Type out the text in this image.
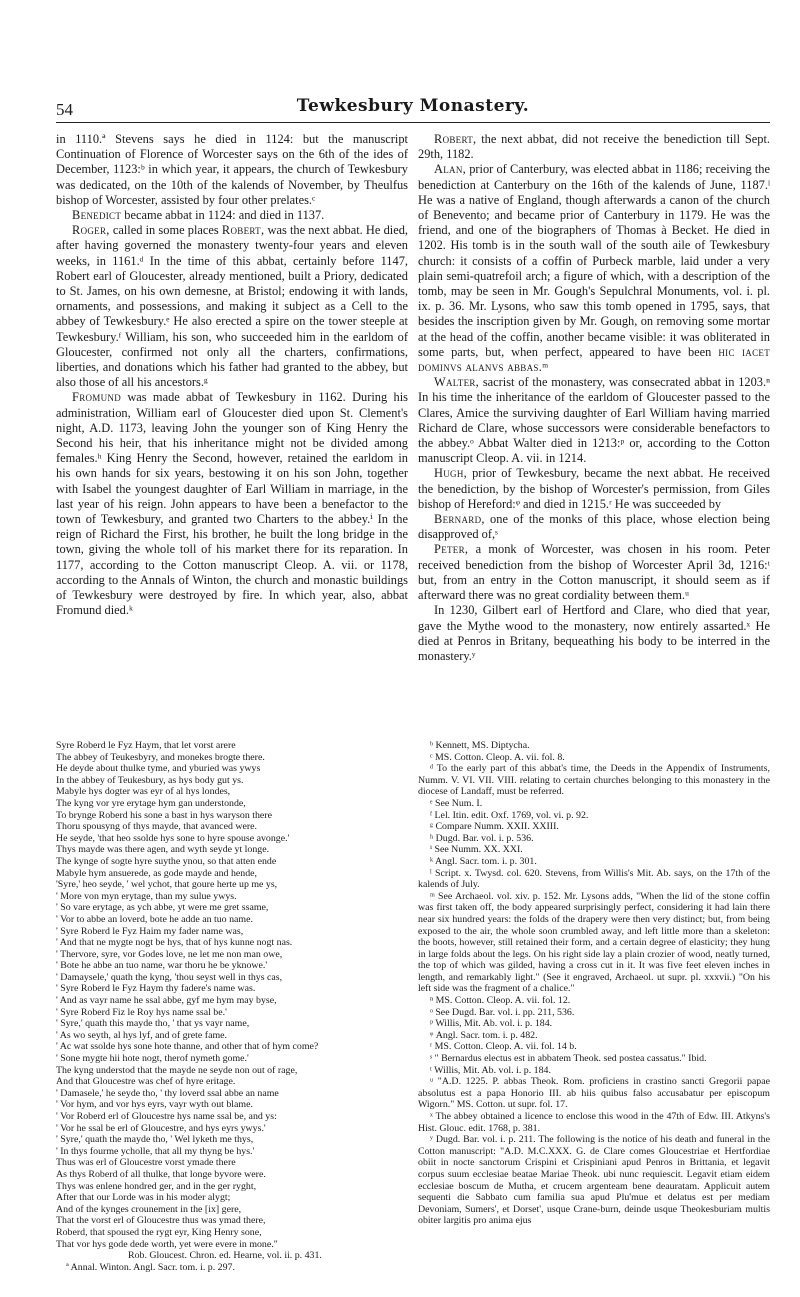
54	Tewkesbury Monastery.

in 1110.ª Stevens says he died in 1124: but the manuscript Continuation of Florence of Worcester says on the 6th of the ides of December, 1123:ᵇ in which year, it appears, the church of Tewkesbury was dedicated, on the 10th of the kalends of November, by Theulfus bishop of Worcester, assisted by four other prelates.ᶜ

Benedict became abbat in 1124: and died in 1137.

Roger, called in some places Robert, was the next abbat. He died, after having governed the monastery twenty-four years and eleven weeks, in 1161.ᵈ In the time of this abbat, certainly before 1147, Robert earl of Gloucester, already mentioned, built a Priory, dedicated to St. James, on his own demesne, at Bristol; endowing it with lands, ornaments, and possessions, and making it subject as a Cell to the abbey of Tewkesbury.ᵉ He also erected a spire on the tower steeple at Tewkesbury.ᶠ William, his son, who succeeded him in the earldom of Gloucester, confirmed not only all the charters, confirmations, liberties, and donations which his father had granted to the abbey, but also those of all his ancestors.ᵍ

Fromund was made abbat of Tewkesbury in 1162. During his administration, William earl of Gloucester died upon St. Clement's night, A.D. 1173, leaving John the younger son of King Henry the Second his heir, that his inheritance might not be divided among females.ʰ King Henry the Second, however, retained the earldom in his own hands for six years, bestowing it on his son John, together with Isabel the youngest daughter of Earl William in marriage, in the last year of his reign. John appears to have been a benefactor to the town of Tewkesbury, and granted two Charters to the abbey.ⁱ In the reign of Richard the First, his brother, he built the long bridge in the town, giving the whole toll of his market there for its reparation. In 1177, according to the Cotton manuscript Cleop. A. vii. or 1178, according to the Annals of Winton, the church and monastic buildings of Tewkesbury were destroyed by fire. In which year, also, abbat Fromund died.ᵏ

Robert, the next abbat, did not receive the benediction till Sept. 29th, 1182.

Alan, prior of Canterbury, was elected abbat in 1186; receiving the benediction at Canterbury on the 16th of the kalends of June, 1187.ˡ He was a native of England, though afterwards a canon of the church of Benevento; and became prior of Canterbury in 1179. He was the friend, and one of the biographers of Thomas à Becket. He died in 1202. His tomb is in the south wall of the south aile of Tewkesbury church: it consists of a coffin of Purbeck marble, laid under a very plain semi-quatrefoil arch; a figure of which, with a description of the tomb, may be seen in Mr. Gough's Sepulchral Monuments, vol. i. pl. ix. p. 36. Mr. Lysons, who saw this tomb opened in 1795, says, that besides the inscription given by Mr. Gough, on removing some mortar at the head of the coffin, another became visible: it was obliterated in some parts, but, when perfect, appeared to have been hic iacet dominvs alanvs abbas.ᵐ

Walter, sacrist of the monastery, was consecrated abbat in 1203.ⁿ In his time the inheritance of the earldom of Gloucester passed to the Clares, Amice the surviving daughter of Earl William having married Richard de Clare, whose successors were considerable benefactors to the abbey.ᵒ Abbat Walter died in 1213:ᵖ or, according to the Cotton manuscript Cleop. A. vii. in 1214.

Hugh, prior of Tewkesbury, became the next abbat. He received the benediction, by the bishop of Worcester's permission, from Giles bishop of Hereford:ᵠ and died in 1215.ʳ He was succeeded by

Bernard, one of the monks of this place, whose election being disapproved of,ˢ

Peter, a monk of Worcester, was chosen in his room. Peter received benediction from the bishop of Worcester April 3d, 1216:ᵗ but, from an entry in the Cotton manuscript, it should seem as if afterward there was no great cordiality between them.ᵘ

In 1230, Gilbert earl of Hertford and Clare, who died that year, gave the Mythe wood to the monastery, now entirely assarted.ˣ He died at Penros in Britany, bequeathing his body to be interred in the monastery.ʸ

Syre Roberd le Fyz Haym, that let vorst arere

The abbey of Teukesbyry, and monekes brogte there.

He deyde about thulke tyme, and yburied was ywys

In the abbey of Teukesbury, as hys body gut ys.

Mabyle hys dogter was eyr of al hys londes,

The kyng vor yre erytage hym gan understonde,

To brynge Roberd his sone a bast in hys waryson there

Thoru spousyng of thys mayde, that avanced were.

He seyde, 'that heo ssolde hys sone to hyre spouse avonge.'

Thys mayde was there agen, and wyth seyde yt longe.

The kynge of sogte hyre suythe ynou, so that atten ende

Mabyle hym ansuerede, as gode mayde and hende,

'Syre,' heo seyde, ' wel ychot, that goure herte up me ys,

' More von myn erytage, than my sulue ywys.

' So vare erytage, as ych abbe, yt were me gret ssame,

' Vor to abbe an loverd, bote he adde an tuo name.

' Syre Roberd le Fyz Haim my fader name was,

' And that ne mygte nogt be hys, that of hys kunne nogt nas.

' Thervore, syre, vor Godes love, ne let me non man owe,

' Bote he abbe an tuo name, war thoru he be yknowe.'

' Damaysele,' quath the kyng, 'thou seyst well in thys cas,

' Syre Roberd le Fyz Haym thy fadere's name was.

' And as vayr name he ssal abbe, gyf me hym may byse,

' Syre Roberd Fiz le Roy hys name ssal be.'

' Syre,' quath this mayde tho, ' that ys vayr name,

' As wo seyth, al hys lyf, and of grete fame.

' Ac wat ssolde hys sone hote thanne, and other that of hym come?

' Sone mygte hii hote nogt, therof nymeth gome.'

The kyng understod that the mayde ne seyde non out of rage,

And that Gloucestre was chef of hyre eritage.

' Damasele,' he seyde tho, ' thy loverd ssal abbe an name

' Vor hym, and vor hys eyrs, vayr wyth out blame.

' Vor Roberd erl of Gloucestre hys name ssal be, and ys:

' Vor he ssal be erl of Gloucestre, and hys eyrs ywys.'

' Syre,' quath the mayde tho, ' Wel lyketh me thys,

' In thys fourme ycholle, that all my thyng be hys.'

Thus was erl of Gloucestre vorst ymade there

As thys Roberd of all thulke, that longe byvore were.

Thys was enlene hondred ger, and in the ger ryght,

After that our Lorde was in his moder alygt;

And of the kynges crounement in the [ix] gere,

That the vorst erl of Gloucestre thus was ymad there,

Roberd, that spoused the rygt eyr, King Henry sone,

That vor hys gode dede worth, yet were evere in mone."

Rob. Gloucest. Chron. ed. Hearne, vol. ii. p. 431.

ª Annal. Winton. Angl. Sacr. tom. i. p. 297.

ᵇ Kennett, MS. Diptycha.

ᶜ MS. Cotton. Cleop. A. vii. fol. 8.

ᵈ To the early part of this abbat's time, the Deeds in the Appendix of Instruments, Numm. V. VI. VII. VIII. relating to certain churches belonging to this monastery in the diocese of Landaff, must be referred.

ᵉ See Num. I.

ᶠ Lel. Itin. edit. Oxf. 1769, vol. vi. p. 92.

ᵍ Compare Numm. XXII. XXIII.

ʰ Dugd. Bar. vol. i. p. 536.

ⁱ See Numm. XX. XXI.

ᵏ Angl. Sacr. tom. i. p. 301.

ˡ Script. x. Twysd. col. 620. Stevens, from Willis's Mit. Ab. says, on the 17th of the kalends of July.

ᵐ See Archaeol. vol. xiv. p. 152. Mr. Lysons adds, "When the lid of the stone coffin was first taken off, the body appeared surprisingly perfect, considering it had lain there near six hundred years: the folds of the drapery were then very distinct; but, from being exposed to the air, the whole soon crumbled away, and left little more than a skeleton: the boots, however, still retained their form, and a certain degree of elasticity; they hung in large folds about the legs. On his right side lay a plain crozier of wood, neatly turned, the top of which was gilded, having a cross cut in it. It was five feet eleven inches in length, and remarkably light." (See it engraved, Archaeol. ut supr. pl. xxxvii.) "On his left side was the fragment of a chalice."

ⁿ MS. Cotton. Cleop. A. vii. fol. 12.

ᵒ See Dugd. Bar. vol. i. pp. 211, 536.

ᵖ Willis, Mit. Ab. vol. i. p. 184.

ᵠ Angl. Sacr. tom. i. p. 482.

ʳ MS. Cotton. Cleop. A. vii. fol. 14 b.

ˢ " Bernardus electus est in abbatem Theok. sed postea cassatus." Ibid.

ᵗ Willis, Mit. Ab. vol. i. p. 184.

ᵘ "A.D. 1225. P. abbas Theok. Rom. proficiens in crastino sancti Gregorii papae absolutus est a papa Honorio III. ab hiis quibus falso accusabatur per episcopum Wigorn." MS. Cotton. ut supr. fol. 17.

ˣ The abbey obtained a licence to enclose this wood in the 47th of Edw. III. Atkyns's Hist. Glouc. edit. 1768, p. 381.

ʸ Dugd. Bar. vol. i. p. 211. The following is the notice of his death and funeral in the Cotton manuscript: "A.D. M.C.XXX. G. de Clare comes Gloucestriae et Hertfordiae obiit in nocte sanctorum Crispini et Crispiniani apud Penros in Brittania, et legavit corpus suum ecclesiae beatae Mariae Theok. ubi nunc requiescit. Legavit etiam eidem ecclesiae boscum de Mutha, et crucem argenteam bene deauratam. Applicuit autem sequenti die Sabbato cum familia sua apud Plu'mue et delatus est per mediam Devoniam, Sumers', et Dorset', usque Crane-burn, deinde usque Theokesburiam multis obiter largitis pro anima ejus
